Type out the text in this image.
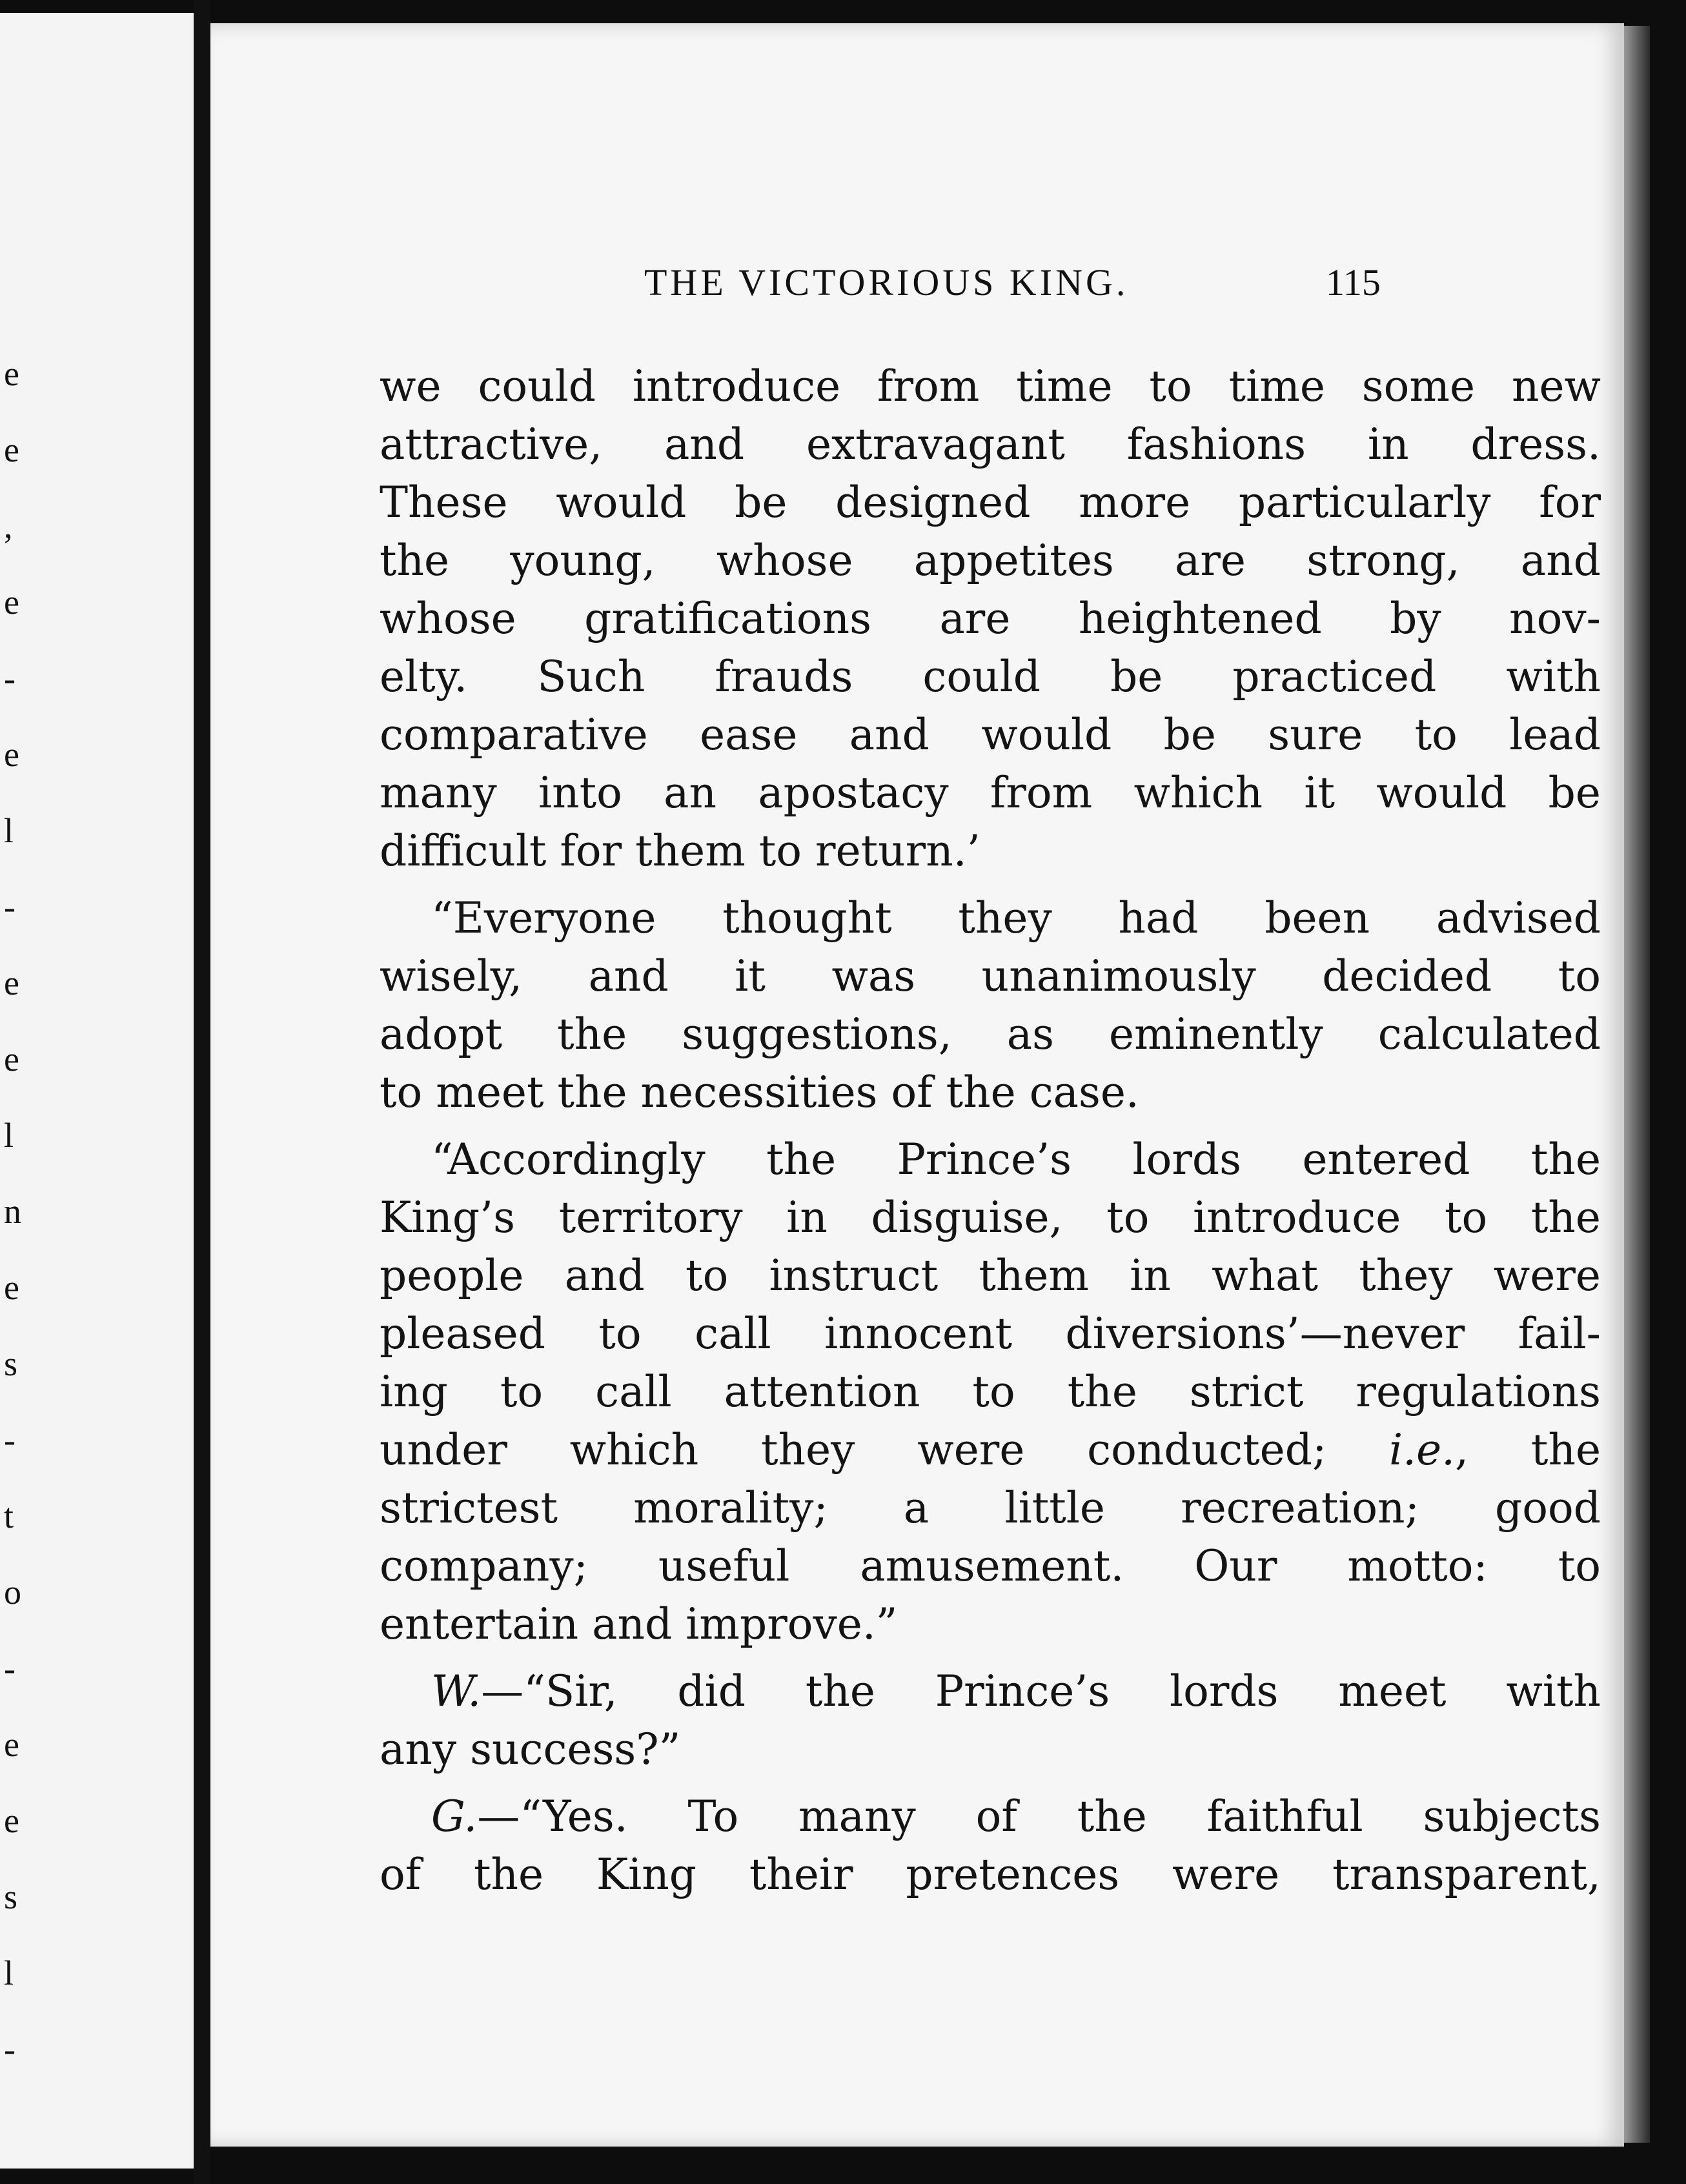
e
e
,
e
-
e
l
-
e
e
l
n
e
s
-
t
o
-
e
e
s
l
-
THE VICTORIOUS KING.	115
we could introduce from time to time some new
attractive, and extravagant fashions in dress.
These would be designed more particularly for
the young, whose appetites are strong, and
whose gratifications are heightened by nov-
elty. Such frauds could be practiced with
comparative ease and would be sure to lead
many into an apostacy from which it would be
difficult for them to return.’
“Everyone thought they had been advised
wisely, and it was unanimously decided to
adopt the suggestions, as eminently calculated
to meet the necessities of the case.
“Accordingly the Prince’s lords entered the
King’s territory in disguise, to introduce to the
people and to instruct them in what they were
pleased to call innocent diversions’—never fail-
ing to call attention to the strict regulations
under which they were conducted; i.e., the
strictest morality; a little recreation; good
company; useful amusement. Our motto: to
entertain and improve.”
W.—“Sir, did the Prince’s lords meet with
any success?”
G.—“Yes. To many of the faithful subjects
of the King their pretences were transparent,
